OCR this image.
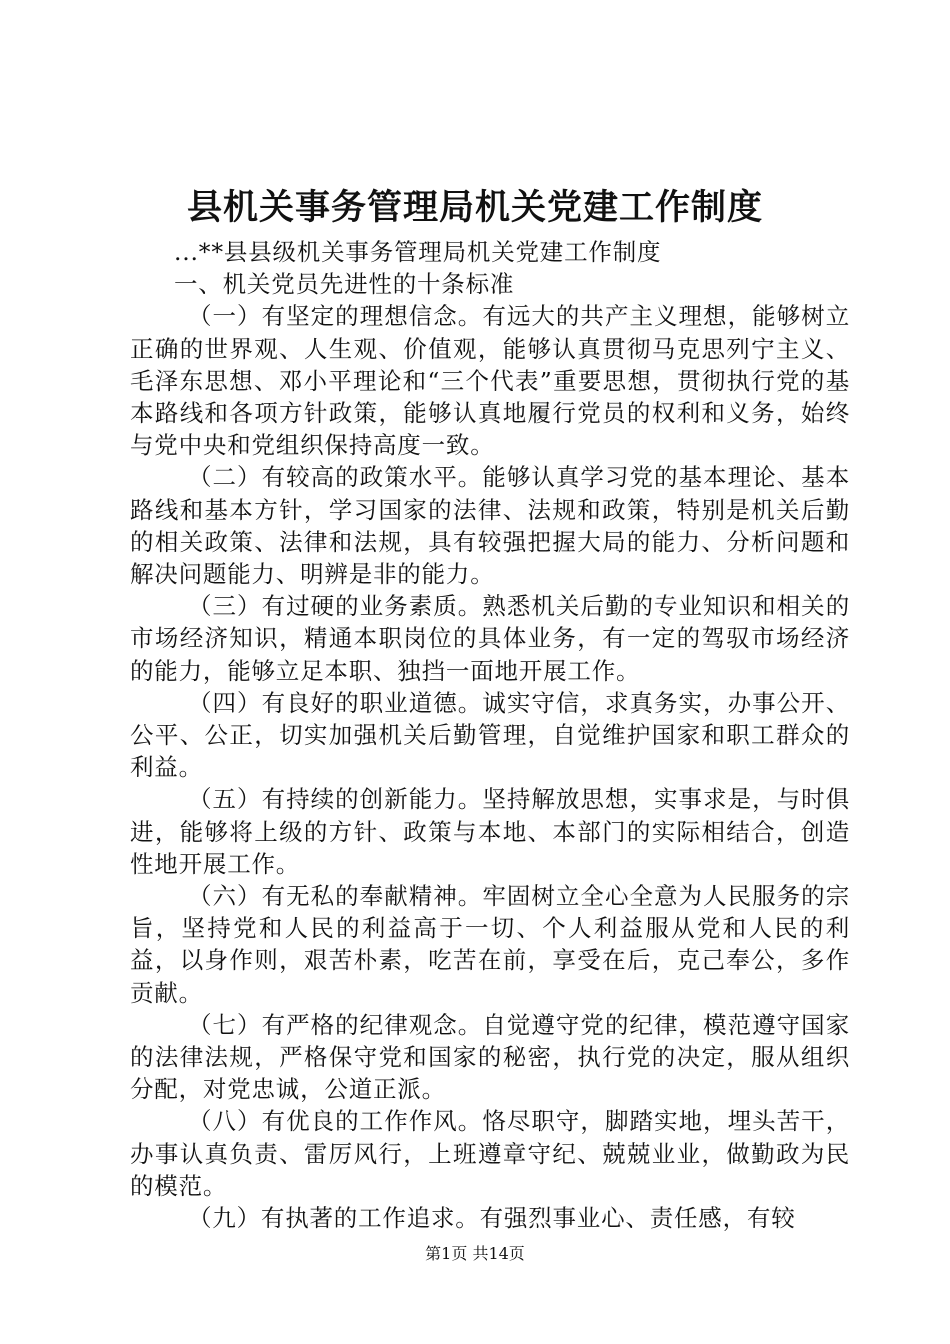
县机关事务管理局机关党建工作制度

...**县县级机关事务管理局机关党建工作制度

一、机关党员先进性的十条标准

（一）有坚定的理想信念。有远大的共产主义理想，能够树立正确的世界观、人生观、价值观，能够认真贯彻马克思列宁主义、毛泽东思想、邓小平理论和“三个代表”重要思想，贯彻执行党的基本路线和各项方针政策，能够认真地履行党员的权利和义务，始终与党中央和党组织保持高度一致。

（二）有较高的政策水平。能够认真学习党的基本理论、基本路线和基本方针，学习国家的法律、法规和政策，特别是机关后勤的相关政策、法律和法规，具有较强把握大局的能力、分析问题和解决问题能力、明辨是非的能力。

（三）有过硬的业务素质。熟悉机关后勤的专业知识和相关的市场经济知识，精通本职岗位的具体业务，有一定的驾驭市场经济的能力，能够立足本职、独挡一面地开展工作。

（四）有良好的职业道德。诚实守信，求真务实，办事公开、公平、公正，切实加强机关后勤管理，自觉维护国家和职工群众的利益。

（五）有持续的创新能力。坚持解放思想，实事求是，与时俱进，能够将上级的方针、政策与本地、本部门的实际相结合，创造性地开展工作。

（六）有无私的奉献精神。牢固树立全心全意为人民服务的宗旨，坚持党和人民的利益高于一切、个人利益服从党和人民的利益，以身作则，艰苦朴素，吃苦在前，享受在后，克己奉公，多作贡献。

（七）有严格的纪律观念。自觉遵守党的纪律，模范遵守国家的法律法规，严格保守党和国家的秘密，执行党的决定，服从组织分配，对党忠诚，公道正派。

（八）有优良的工作作风。恪尽职守，脚踏实地，埋头苦干，办事认真负责、雷厉风行，上班遵章守纪、兢兢业业，做勤政为民的模范。

（九）有执著的工作追求。有强烈事业心、责任感，有较

第1页 共14页
